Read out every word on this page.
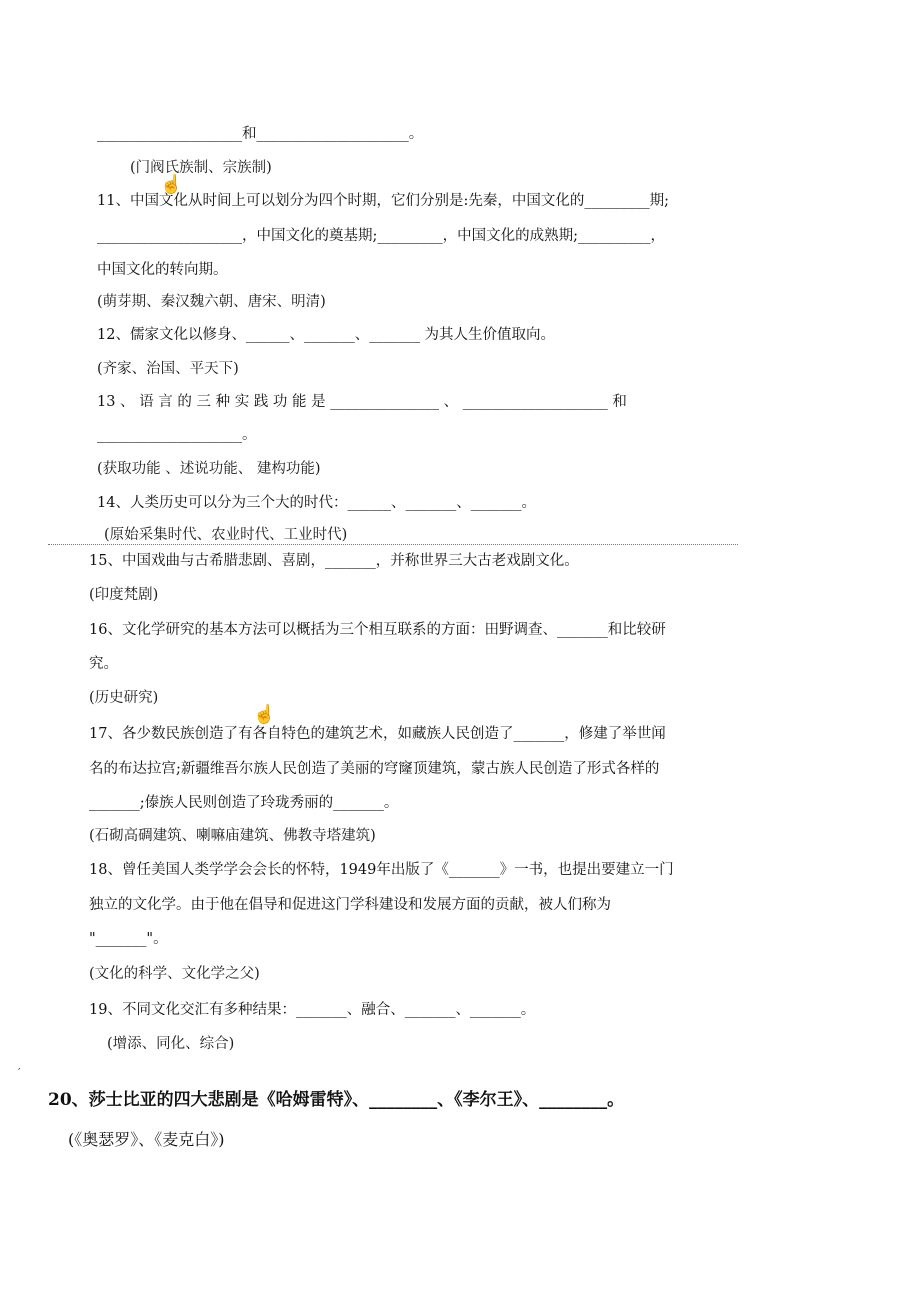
____________________和_____________________。
(门阀氏族制、宗族制)
☝
11、中国文化从时间上可以划分为四个时期，它们分别是:先秦，中国文化的_________期;
____________________，中国文化的奠基期;_________，中国文化的成熟期;__________，
中国文化的转向期。
(萌芽期、秦汉魏六朝、唐宋、明清)
12、儒家文化以修身、______、_______、_______ 为其人生价值取向。
(齐家、治国、平天下)
13 、 语 言 的 三 种 实 践 功 能 是 _______________ 、 ____________________ 和
____________________。
(获取功能 、述说功能、 建构功能)
14、人类历史可以分为三个大的时代：______、_______、_______。
(原始采集时代、农业时代、工业时代)
15、中国戏曲与古希腊悲剧、喜剧，_______，并称世界三大古老戏剧文化。
(印度梵剧)
16、文化学研究的基本方法可以概括为三个相互联系的方面：田野调查、_______和比较研
究。
(历史研究)
☝
17、各少数民族创造了有各自特色的建筑艺术，如藏族人民创造了_______，修建了举世闻
名的布达拉宫;新疆维吾尔族人民创造了美丽的穹窿顶建筑，蒙古族人民创造了形式各样的
_______;傣族人民则创造了玲珑秀丽的_______。
(石砌高碉建筑、喇嘛庙建筑、佛教寺塔建筑)
18、曾任美国人类学学会会长的怀特，1949年出版了《_______》一书，也提出要建立一门
独立的文化学。由于他在倡导和促进这门学科建设和发展方面的贡献，被人们称为
"_______"。
(文化的科学、文化学之父)
19、不同文化交汇有多种结果：_______、融合、_______、_______。
(增添、同化、综合)
′
20、莎士比亚的四大悲剧是《哈姆雷特》、________、《李尔王》、________。
(《奥瑟罗》、《麦克白》)
